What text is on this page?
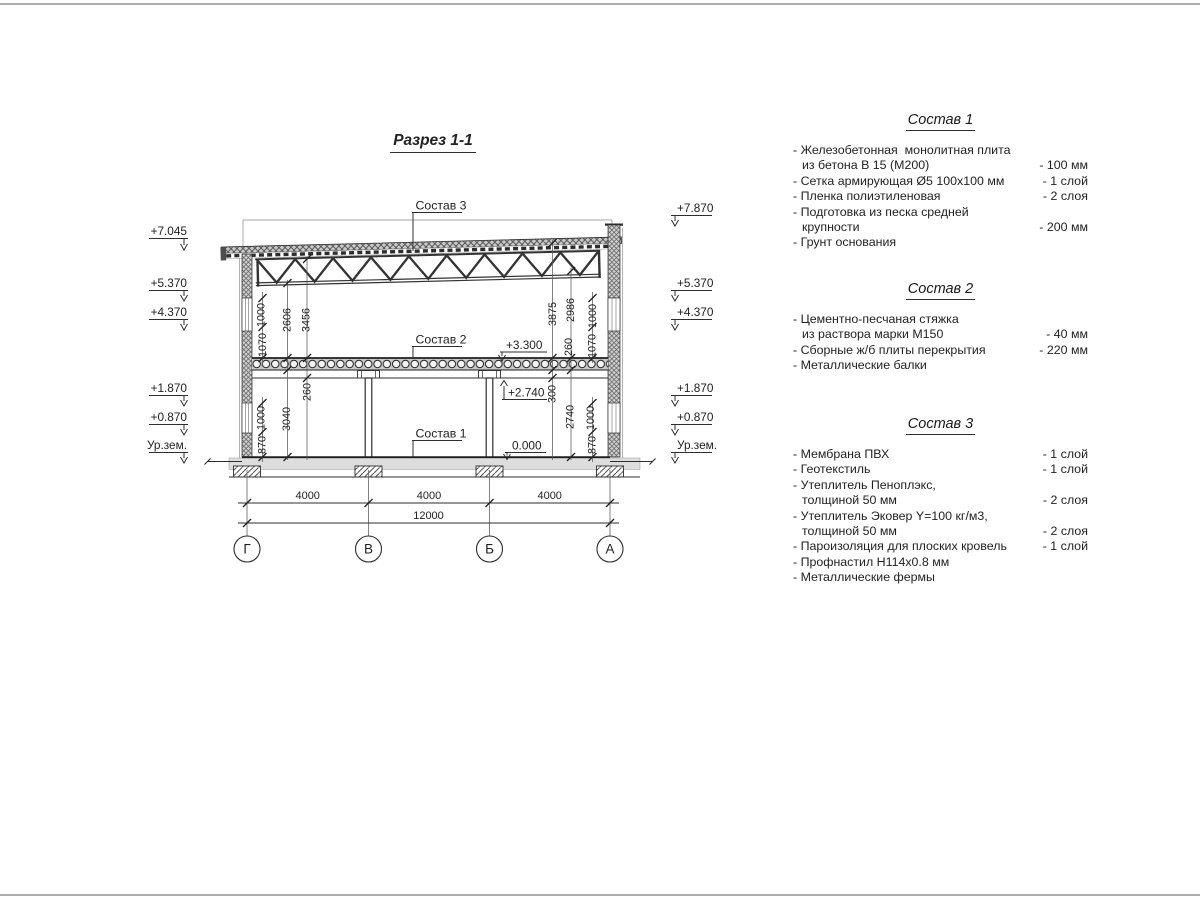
Разрез 1-1
1000
1070
2606 3456
260
3040
1000
870
3875 2986 1000
260 1070
300
2740 1000
870
4000	4000	4000
12000
Г	В	Б	А
+7.045
+5.370
+4.370
+1.870
+0.870
Ур.зем.
+7.870
+5.370
+4.370
+1.870
+0.870
Ур.зем.
+3.300
+2.740
0.000
Состав 3
Состав 2
Состав 1
Состав 1
- Железобетонная  монолитная плита
из бетона В 15 (М200)	- 100 мм
- Сетка армирующая Ø5 100х100 мм	- 1 слой
- Пленка полиэтиленовая	- 2 слоя
- Подготовка из песка средней
крупности	- 200 мм
- Грунт основания
Состав 2
- Цементно-песчаная стяжка
из раствора марки М150	- 40 мм
- Сборные ж/б плиты перекрытия	- 220 мм
- Металлические балки
Состав 3
- Мембрана ПВХ	- 1 слой
- Геотекстиль	- 1 слой
- Утеплитель Пеноплэкс,
толщиной 50 мм	- 2 слоя
- Утеплитель Эковер Y=100 кг/м3,
толщиной 50 мм	- 2 слоя
- Пароизоляция для плоских кровель	- 1 слой
- Профнастил Н114х0.8 мм
- Металлические фермы
